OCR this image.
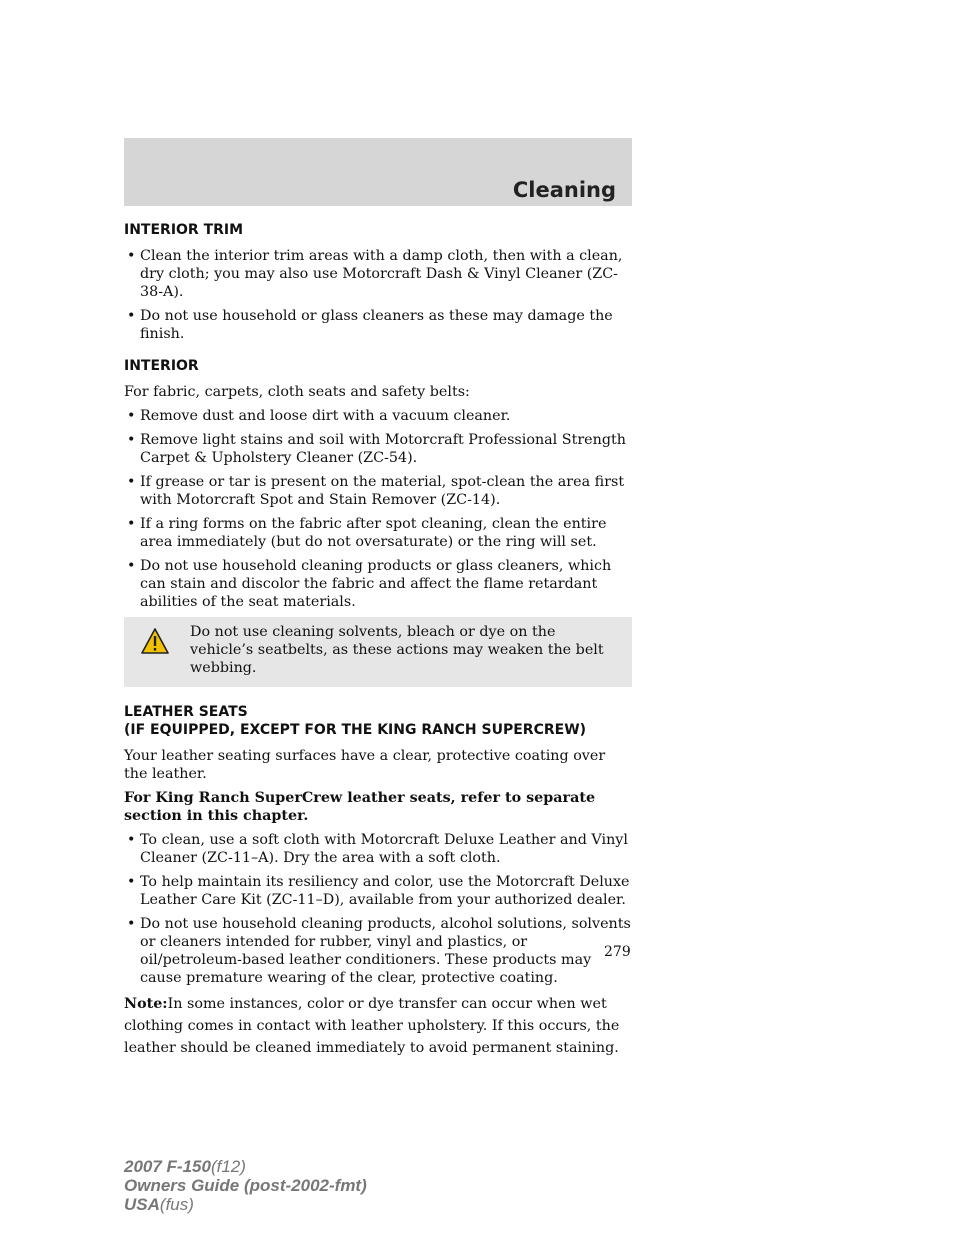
Cleaning
INTERIOR TRIM
• Clean the interior trim areas with a damp cloth, then with a clean, dry cloth; you may also use Motorcraft Dash & Vinyl Cleaner (ZC-38-A).
• Do not use household or glass cleaners as these may damage the finish.
INTERIOR

For fabric, carpets, cloth seats and safety belts:

• Remove dust and loose dirt with a vacuum cleaner.
• Remove light stains and soil with Motorcraft Professional Strength Carpet & Upholstery Cleaner (ZC-54).
• If grease or tar is present on the material, spot-clean the area first with Motorcraft Spot and Stain Remover (ZC-14).
• If a ring forms on the fabric after spot cleaning, clean the entire area immediately (but do not oversaturate) or the ring will set.
• Do not use household cleaning products or glass cleaners, which can stain and discolor the fabric and affect the flame retardant abilities of the seat materials.
Do not use cleaning solvents, bleach or dye on the vehicle’s seatbelts, as these actions may weaken the belt webbing.
LEATHER SEATS
(IF EQUIPPED, EXCEPT FOR THE KING RANCH SUPERCREW)

Your leather seating surfaces have a clear, protective coating over the leather.

For King Ranch SuperCrew leather seats, refer to separate section in this chapter.

• To clean, use a soft cloth with Motorcraft Deluxe Leather and Vinyl Cleaner (ZC-11–A). Dry the area with a soft cloth.
• To help maintain its resiliency and color, use the Motorcraft Deluxe Leather Care Kit (ZC-11–D), available from your authorized dealer.
• Do not use household cleaning products, alcohol solutions, solvents or cleaners intended for rubber, vinyl and plastics, or oil/petroleum-based leather conditioners. These products may cause premature wearing of the clear, protective coating.

Note:In some instances, color or dye transfer can occur when wet clothing comes in contact with leather upholstery. If this occurs, the leather should be cleaned immediately to avoid permanent staining.

279
2007 F-150(f12)
Owners Guide (post-2002-fmt)
USA(fus)
